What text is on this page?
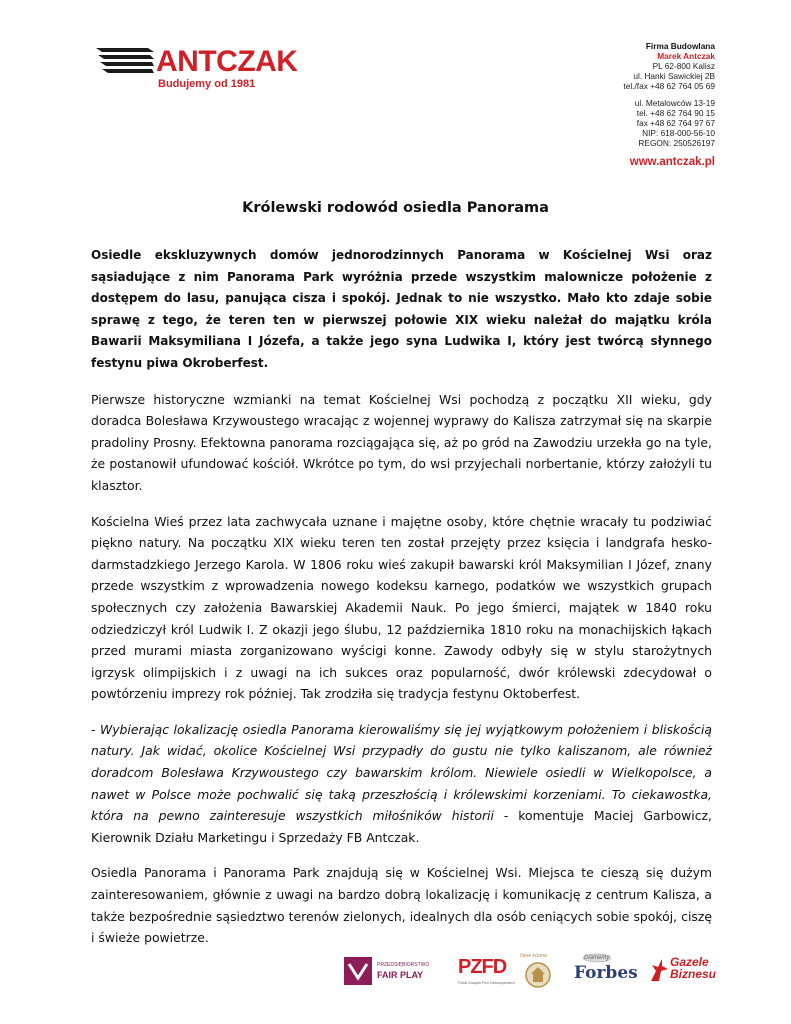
ANTCZAK
Budujemy od 1981
Firma Budowlana
Marek Antczak
PL 62-800 Kalisz
ul. Hanki Sawickiej 2B
tel./fax +48 62 764 05 69
ul. Metalowców 13-19
tel. +48 62 764 90 15
fax +48 62 764 97 67
NIP: 618-000-56-10
REGON: 250526197
www.antczak.pl
Królewski rodowód osiedla Panorama

Osiedle ekskluzywnych domów jednorodzinnych Panorama w Kościelnej Wsi oraz sąsiadujące z nim Panorama Park wyróżnia przede wszystkim malownicze położenie z dostępem do lasu, panująca cisza i spokój. Jednak to nie wszystko. Mało kto zdaje sobie sprawę z tego, że teren ten w pierwszej połowie XIX wieku należał do majątku króla Bawarii Maksymiliana I Józefa, a także jego syna Ludwika I, który jest twórcą słynnego festynu piwa Okroberfest.

Pierwsze historyczne wzmianki na temat Kościelnej Wsi pochodzą z początku XII wieku, gdy doradca Bolesława Krzywoustego wracając z wojennej wyprawy do Kalisza zatrzymał się na skarpie pradoliny Prosny. Efektowna panorama rozciągająca się, aż po gród na Zawodziu urzekła go na tyle, że postanowił ufundować kościół. Wkrótce po tym, do wsi przyjechali norbertanie, którzy założyli tu klasztor.

Kościelna Wieś przez lata zachwycała uznane i majętne osoby, które chętnie wracały tu podziwiać piękno natury. Na początku XIX wieku teren ten został przejęty przez księcia i landgrafa hesko-darmstadzkiego Jerzego Karola. W 1806 roku wieś zakupił bawarski król Maksymilian I Józef, znany przede wszystkim z wprowadzenia nowego kodeksu karnego, podatków we wszystkich grupach społecznych czy założenia Bawarskiej Akademii Nauk. Po jego śmierci, majątek w 1840 roku odziedziczył król Ludwik I. Z okazji jego ślubu, 12 października 1810 roku na monachijskich łąkach przed murami miasta zorganizowano wyścigi konne. Zawody odbyły się w stylu starożytnych igrzysk olimpijskich i z uwagi na ich sukces oraz popularność, dwór królewski zdecydował o powtórzeniu imprezy rok później. Tak zrodziła się tradycja festynu Oktoberfest.

- Wybierając lokalizację osiedla Panorama kierowaliśmy się jej wyjątkowym położeniem i bliskością natury. Jak widać, okolice Kościelnej Wsi przypadły do gustu nie tylko kaliszanom, ale również doradcom Bolesława Krzywoustego czy bawarskim królom. Niewiele osiedli w Wielkopolsce, a nawet w Polsce może pochwalić się taką przeszłością i królewskimi korzeniami. To ciekawostka, która na pewno zainteresuje wszystkich miłośników historii - komentuje Maciej Garbowicz, Kierownik Działu Marketingu i Sprzedaży FB Antczak.

Osiedla Panorama i Panorama Park znajdują się w Kościelnej Wsi. Miejsca te cieszą się dużym zainteresowaniem, głównie z uwagi na bardzo dobrą lokalizację i komunikację z centrum Kalisza, a także bezpośrednie sąsiedztwo terenów zielonych, idealnych dla osób ceniących sobie spokój, ciszę i świeże powietrze.

PRZEDSIĘBIORSTWO
FAIR PLAY PZFD
Polski Związek Firm Deweloperskich
New Home	Diamenty
Forbes
Gazele Biznesu
